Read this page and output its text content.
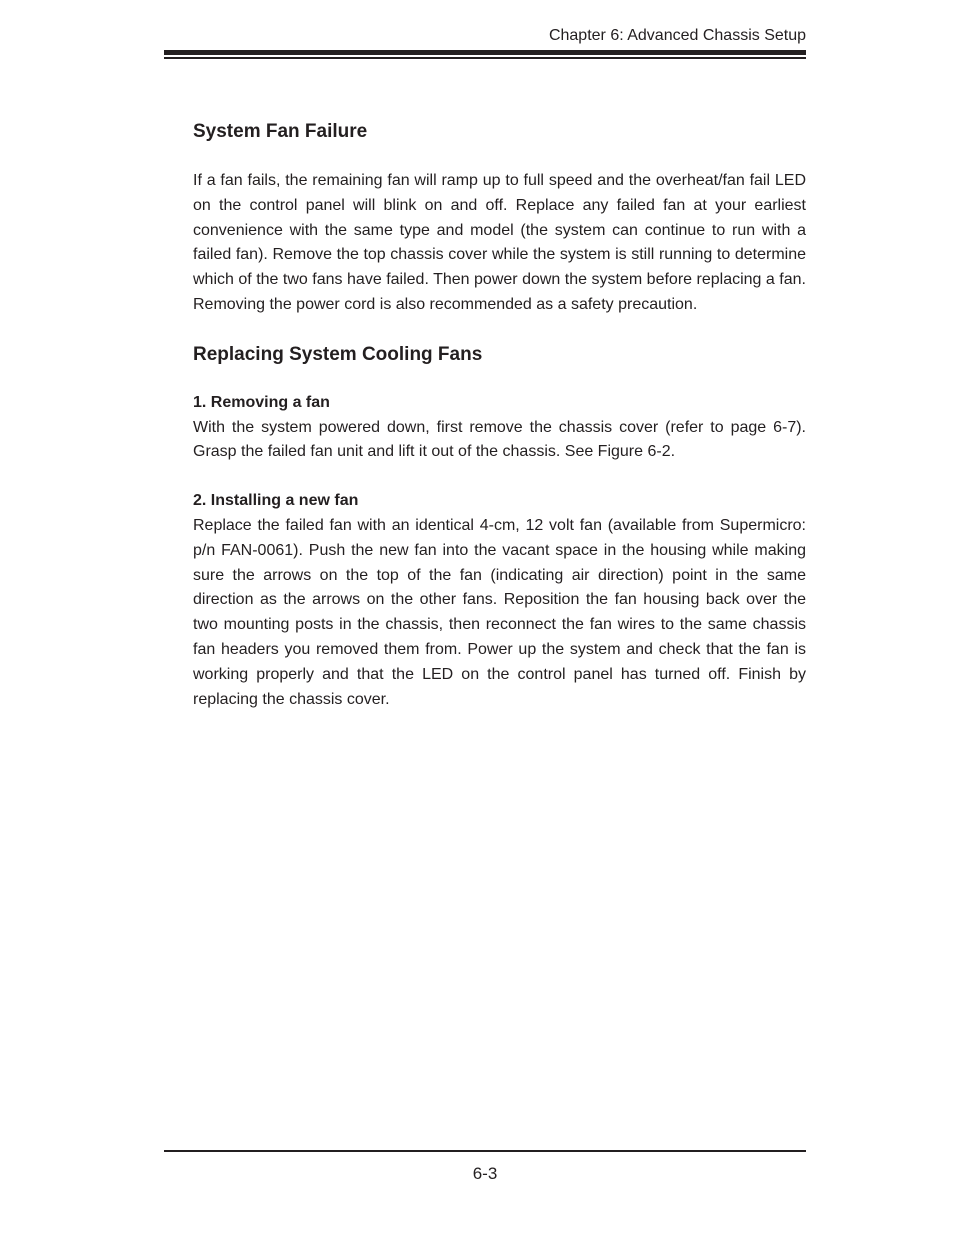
Chapter 6: Advanced Chassis Setup
System Fan Failure

If a fan fails, the remaining fan will ramp up to full speed and the overheat/fan fail LED on the control panel will blink on and off. Replace any failed fan at your earliest convenience with the same type and model (the system can continue to run with a failed fan). Remove the top chassis cover while the system is still running to determine which of the two fans have failed. Then power down the system before replacing a fan. Removing the power cord is also recommended as a safety precaution.

Replacing System Cooling Fans
1. Removing a fan

With the system powered down, first remove the chassis cover (refer to page 6-7). Grasp the failed fan unit and lift it out of the chassis. See Figure 6-2.

2. Installing a new fan

Replace the failed fan with an identical 4-cm, 12 volt fan (available from Supermicro: p/n FAN-0061). Push the new fan into the vacant space in the housing while making sure the arrows on the top of the fan (indicating air direction) point in the same direction as the arrows on the other fans. Reposition the fan housing back over the two mounting posts in the chassis, then reconnect the fan wires to the same chassis fan headers you removed them from. Power up the system and check that the fan is working properly and that the LED on the control panel has turned off. Finish by replacing the chassis cover.

6-3
